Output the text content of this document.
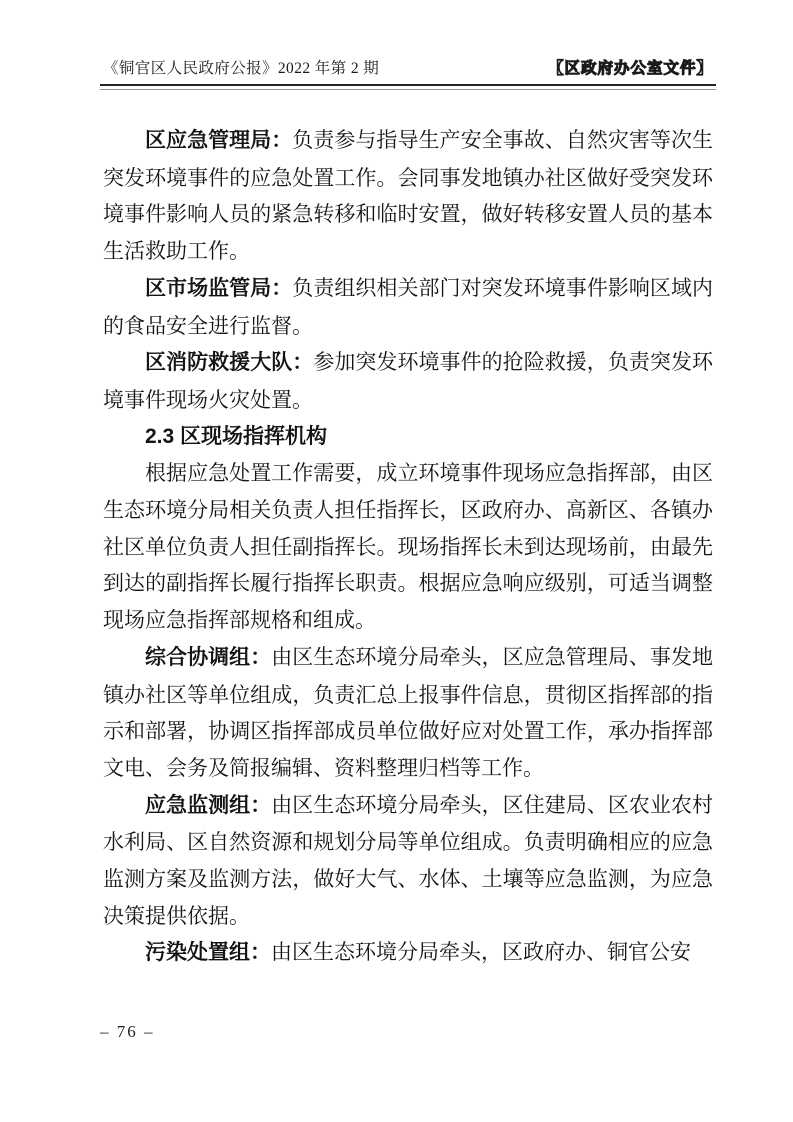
《铜官区人民政府公报》2022 年第 2 期	【区政府办公室文件】

区应急管理局：负责参与指导生产安全事故、自然灾害等次生突发环境事件的应急处置工作。会同事发地镇办社区做好受突发环境事件影响人员的紧急转移和临时安置，做好转移安置人员的基本生活救助工作。

区市场监管局：负责组织相关部门对突发环境事件影响区域内的食品安全进行监督。

区消防救援大队：参加突发环境事件的抢险救援，负责突发环境事件现场火灾处置。

2.3 区现场指挥机构

根据应急处置工作需要，成立环境事件现场应急指挥部，由区生态环境分局相关负责人担任指挥长，区政府办、高新区、各镇办社区单位负责人担任副指挥长。现场指挥长未到达现场前，由最先到达的副指挥长履行指挥长职责。根据应急响应级别，可适当调整现场应急指挥部规格和组成。

综合协调组：由区生态环境分局牵头，区应急管理局、事发地镇办社区等单位组成，负责汇总上报事件信息，贯彻区指挥部的指示和部署，协调区指挥部成员单位做好应对处置工作，承办指挥部文电、会务及简报编辑、资料整理归档等工作。

应急监测组：由区生态环境分局牵头，区住建局、区农业农村水利局、区自然资源和规划分局等单位组成。负责明确相应的应急监测方案及监测方法，做好大气、水体、土壤等应急监测，为应急决策提供依据。

污染处置组：由区生态环境分局牵头，区政府办、铜官公安

– 76 –
